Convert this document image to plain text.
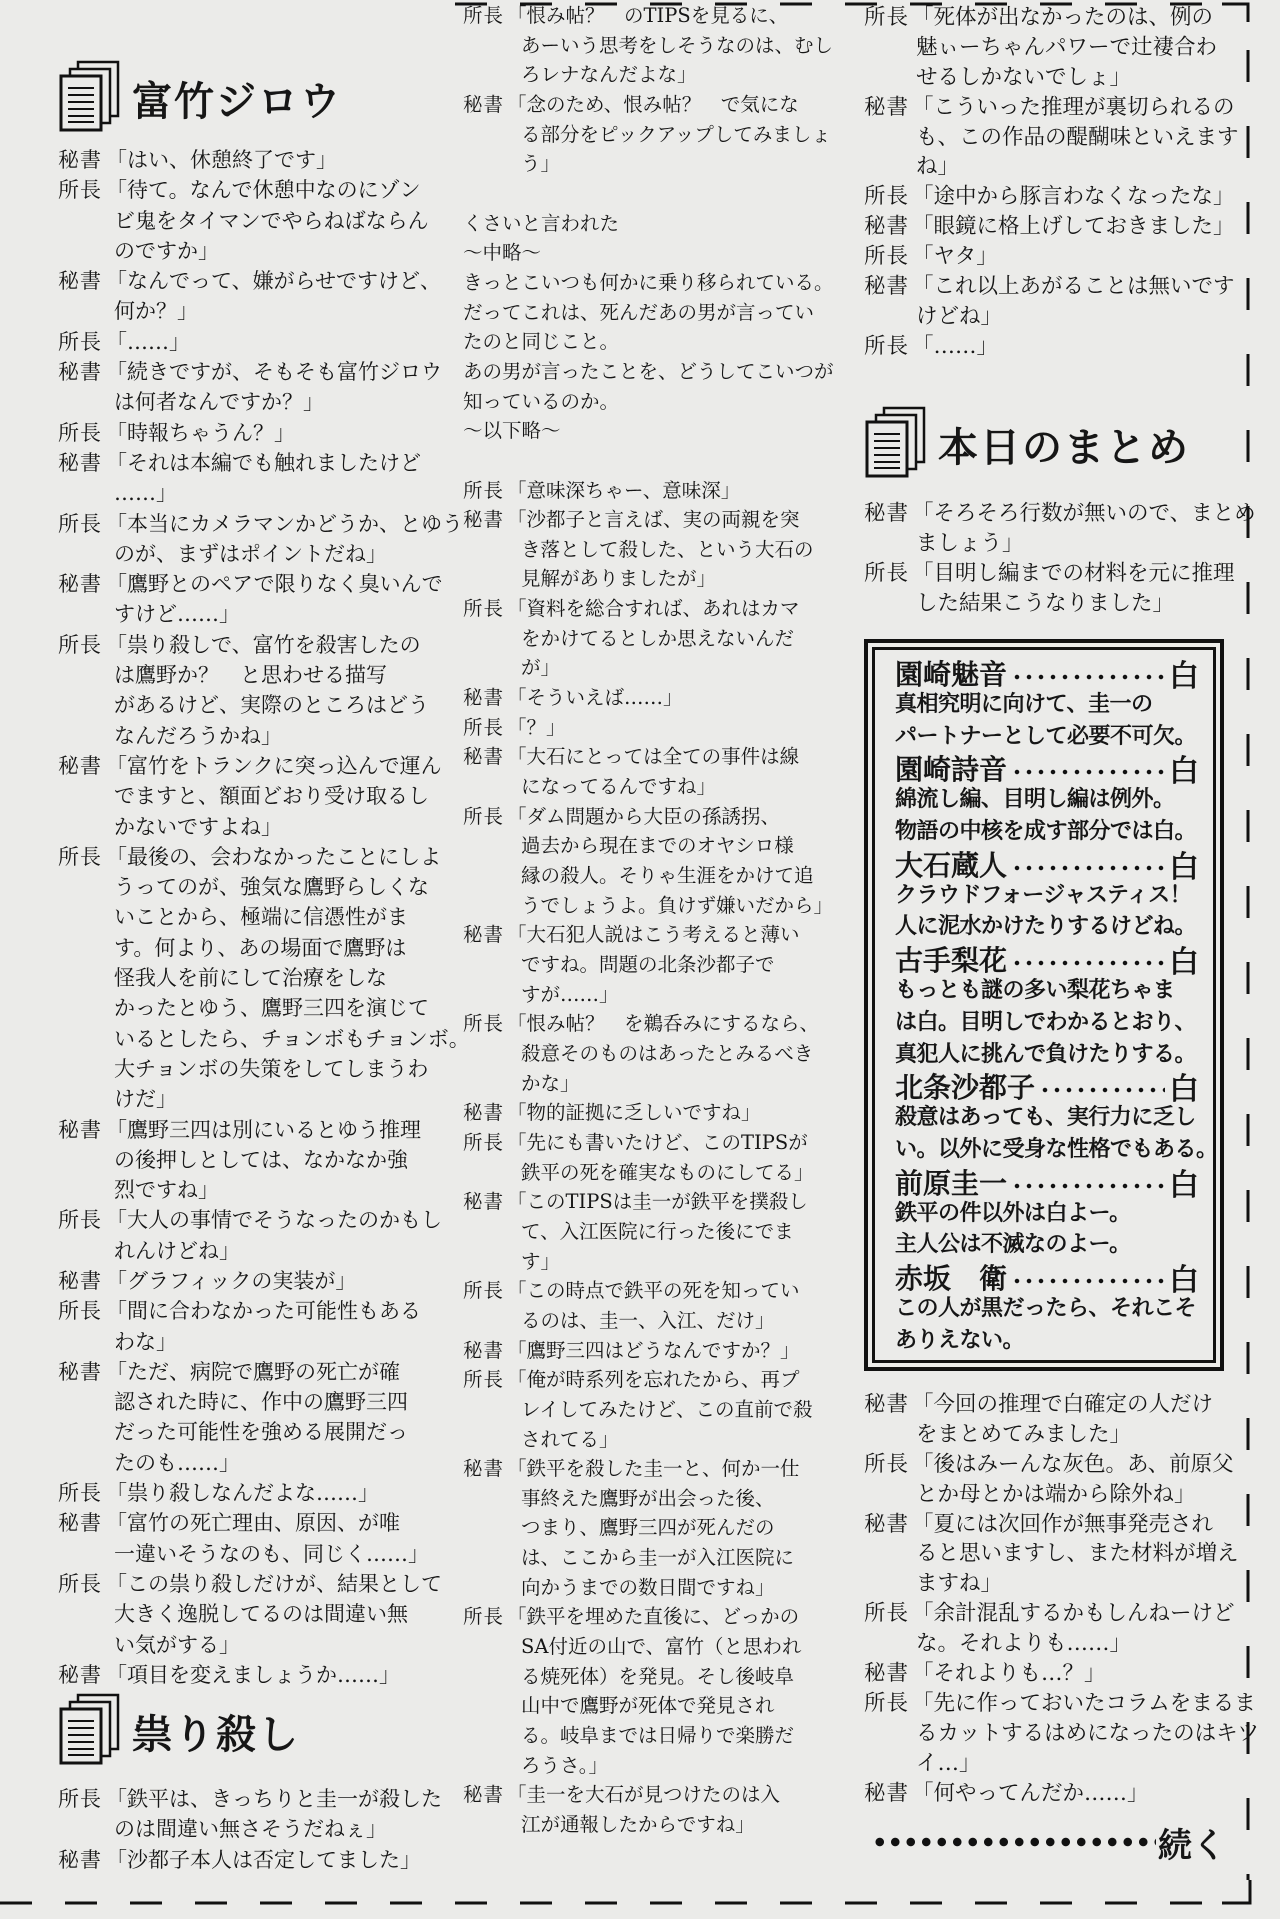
富竹ジロウ
秘書 「はい、休憩終了です」
所長 「待て。なんで休憩中なのにゾン
ビ鬼をタイマンでやらねばならん
のですか」
秘書 「なんでって、嫌がらせですけど、
何か？」
所長 「……」
秘書 「続きですが、そもそも富竹ジロウ
は何者なんですか？」
所長 「時報ちゃうん？」
秘書 「それは本編でも触れましたけど
……」
所長 「本当にカメラマンかどうか、とゆう
のが、まずはポイントだね」
秘書 「鷹野とのペアで限りなく臭いんで
すけど……」
所長 「祟り殺しで、富竹を殺害したの
は鷹野か？　と思わせる描写
があるけど、実際のところはどう
なんだろうかね」
秘書 「富竹をトランクに突っ込んで運ん
でますと、額面どおり受け取るし
かないですよね」
所長 「最後の、会わなかったことにしよ
うってのが、強気な鷹野らしくな
いことから、極端に信憑性がま
す。何より、あの場面で鷹野は
怪我人を前にして治療をしな
かったとゆう、鷹野三四を演じて
いるとしたら、チョンボもチョンボ。
大チョンボの失策をしてしまうわ
けだ」
秘書 「鷹野三四は別にいるとゆう推理
の後押しとしては、なかなか強
烈ですね」
所長 「大人の事情でそうなったのかもし
れんけどね」
秘書 「グラフィックの実装が」
所長 「間に合わなかった可能性もある
わな」
秘書 「ただ、病院で鷹野の死亡が確
認された時に、作中の鷹野三四
だった可能性を強める展開だっ
たのも……」
所長 「祟り殺しなんだよな……」
秘書 「富竹の死亡理由、原因、が唯
一違いそうなのも、同じく……」
所長 「この祟り殺しだけが、結果として
大きく逸脱してるのは間違い無
い気がする」
秘書 「項目を変えましょうか……」
祟り殺し
所長 「鉄平は、きっちりと圭一が殺した
のは間違い無さそうだねぇ」
秘書 「沙都子本人は否定してました」
所長 「恨み帖？　のTIPSを見るに、
あーいう思考をしそうなのは、むし
ろレナなんだよな」
秘書 「念のため、恨み帖？　で気にな
る部分をピックアップしてみましょ
う」
くさいと言われた
～中略～
きっとこいつも何かに乗り移られている。
だってこれは、死んだあの男が言ってい
たのと同じこと。
あの男が言ったことを、どうしてこいつが
知っているのか。
～以下略～
所長 「意味深ちゃー、意味深」
秘書 「沙都子と言えば、実の両親を突
き落として殺した、という大石の
見解がありましたが」
所長 「資料を総合すれば、あれはカマ
をかけてるとしか思えないんだ
が」
秘書 「そういえば……」
所長 「？」
秘書 「大石にとっては全ての事件は線
になってるんですね」
所長 「ダム問題から大臣の孫誘拐、
過去から現在までのオヤシロ様
縁の殺人。そりゃ生涯をかけて追
うでしょうよ。負けず嫌いだから」
秘書 「大石犯人説はこう考えると薄い
ですね。問題の北条沙都子で
すが……」
所長 「恨み帖？　を鵜呑みにするなら、
殺意そのものはあったとみるべき
かな」
秘書 「物的証拠に乏しいですね」
所長 「先にも書いたけど、このTIPSが
鉄平の死を確実なものにしてる」
秘書 「このTIPSは圭一が鉄平を撲殺し
て、入江医院に行った後にでま
す」
所長 「この時点で鉄平の死を知ってい
るのは、圭一、入江、だけ」
秘書 「鷹野三四はどうなんですか？」
所長 「俺が時系列を忘れたから、再プ
レイしてみたけど、この直前で殺
されてる」
秘書 「鉄平を殺した圭一と、何か一仕
事終えた鷹野が出会った後、
つまり、鷹野三四が死んだの
は、ここから圭一が入江医院に
向かうまでの数日間ですね」
所長 「鉄平を埋めた直後に、どっかの
SA付近の山で、富竹（と思われ
る焼死体）を発見。そし後岐阜
山中で鷹野が死体で発見され
る。岐阜までは日帰りで楽勝だ
ろうさ。」
秘書 「圭一を大石が見つけたのは入
江が通報したからですね」
所長 「死体が出なかったのは、例の
魅ぃーちゃんパワーで辻褄合わ
せるしかないでしょ」
秘書 「こういった推理が裏切られるの
も、この作品の醍醐味といえます
ね」
所長 「途中から豚言わなくなったな」
秘書 「眼鏡に格上げしておきました」
所長 「ヤタ」
秘書 「これ以上あがることは無いです
けどね」
所長 「……」
本日のまとめ
秘書 「そろそろ行数が無いので、まとめ
ましょう」
所長 「目明し編までの材料を元に推理
した結果こうなりました」
園崎魅音	白
真相究明に向けて、圭一の
パートナーとして必要不可欠。
園崎詩音	白
綿流し編、目明し編は例外。
物語の中核を成す部分では白。
大石蔵人	白
クラウドフォージャスティス！
人に泥水かけたりするけどね。
古手梨花	白
もっとも謎の多い梨花ちゃま
は白。目明しでわかるとおり、
真犯人に挑んで負けたりする。
北条沙都子	白
殺意はあっても、実行力に乏し
い。以外に受身な性格でもある。
前原圭一	白
鉄平の件以外は白よー。
主人公は不滅なのよー。
赤坂　衛	白
この人が黒だったら、それこそ
ありえない。
秘書 「今回の推理で白確定の人だけ
をまとめてみました」
所長 「後はみーんな灰色。あ、前原父
とか母とかは端から除外ね」
秘書 「夏には次回作が無事発売され
ると思いますし、また材料が増え
ますね」
所長 「余計混乱するかもしんねーけど
な。それよりも……」
秘書 「それよりも…？」
所長 「先に作っておいたコラムをまるま
るカットするはめになったのはキツ
イ…」
秘書 「何やってんだか……」
続く
